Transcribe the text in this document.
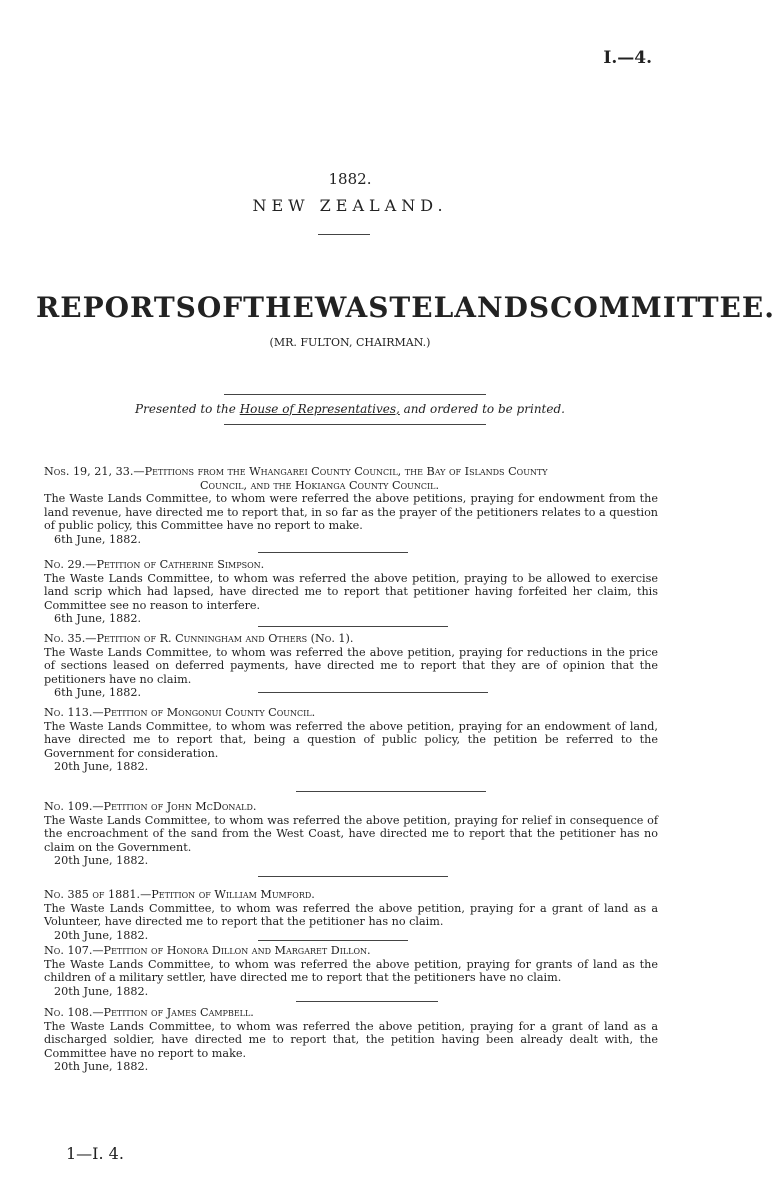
I.—4.
1882.
NEW ZEALAND.
REPORTS OF THE WASTE LANDS COMMITTEE.
(MR. FULTON, CHAIRMAN.)
Presented to the House of Representatives, and ordered to be printed.

Nos. 19, 21, 33.—Petitions from the Whangarei County Council, the Bay of Islands County

Council, and the Hokianga County Council.

The Waste Lands Committee, to whom were referred the above petitions, praying for endowment from the land revenue, have directed me to report that, in so far as the prayer of the petitioners relates to a question of public policy, this Committee have no report to make.

6th June, 1882.

No. 29.—Petition of Catherine Simpson.

The Waste Lands Committee, to whom was referred the above petition, praying to be allowed to exercise land scrip which had lapsed, have directed me to report that petitioner having forfeited her claim, this Committee see no reason to interfere.

6th June, 1882.

No. 35.—Petition of R. Cunningham and Others (No. 1).

The Waste Lands Committee, to whom was referred the above petition, praying for reductions in the price of sections leased on deferred payments, have directed me to report that they are of opinion that the petitioners have no claim.

6th June, 1882.

No. 113.—Petition of Mongonui County Council.

The Waste Lands Committee, to whom was referred the above petition, praying for an endowment of land, have directed me to report that, being a question of public policy, the petition be referred to the Government for consideration.

20th June, 1882.

No. 109.—Petition of John McDonald.

The Waste Lands Committee, to whom was referred the above petition, praying for relief in consequence of the encroachment of the sand from the West Coast, have directed me to report that the petitioner has no claim on the Government.

20th June, 1882.

No. 385 of 1881.—Petition of William Mumford.

The Waste Lands Committee, to whom was referred the above petition, praying for a grant of land as a Volunteer, have directed me to report that the petitioner has no claim.

20th June, 1882.

No. 107.—Petition of Honora Dillon and Margaret Dillon.

The Waste Lands Committee, to whom was referred the above petition, praying for grants of land as the children of a military settler, have directed me to report that the petitioners have no claim.

20th June, 1882.

No. 108.—Petition of James Campbell.

The Waste Lands Committee, to whom was referred the above petition, praying for a grant of land as a discharged soldier, have directed me to report that, the petition having been already dealt with, the Committee have no report to make.

20th June, 1882.

1—I. 4.
